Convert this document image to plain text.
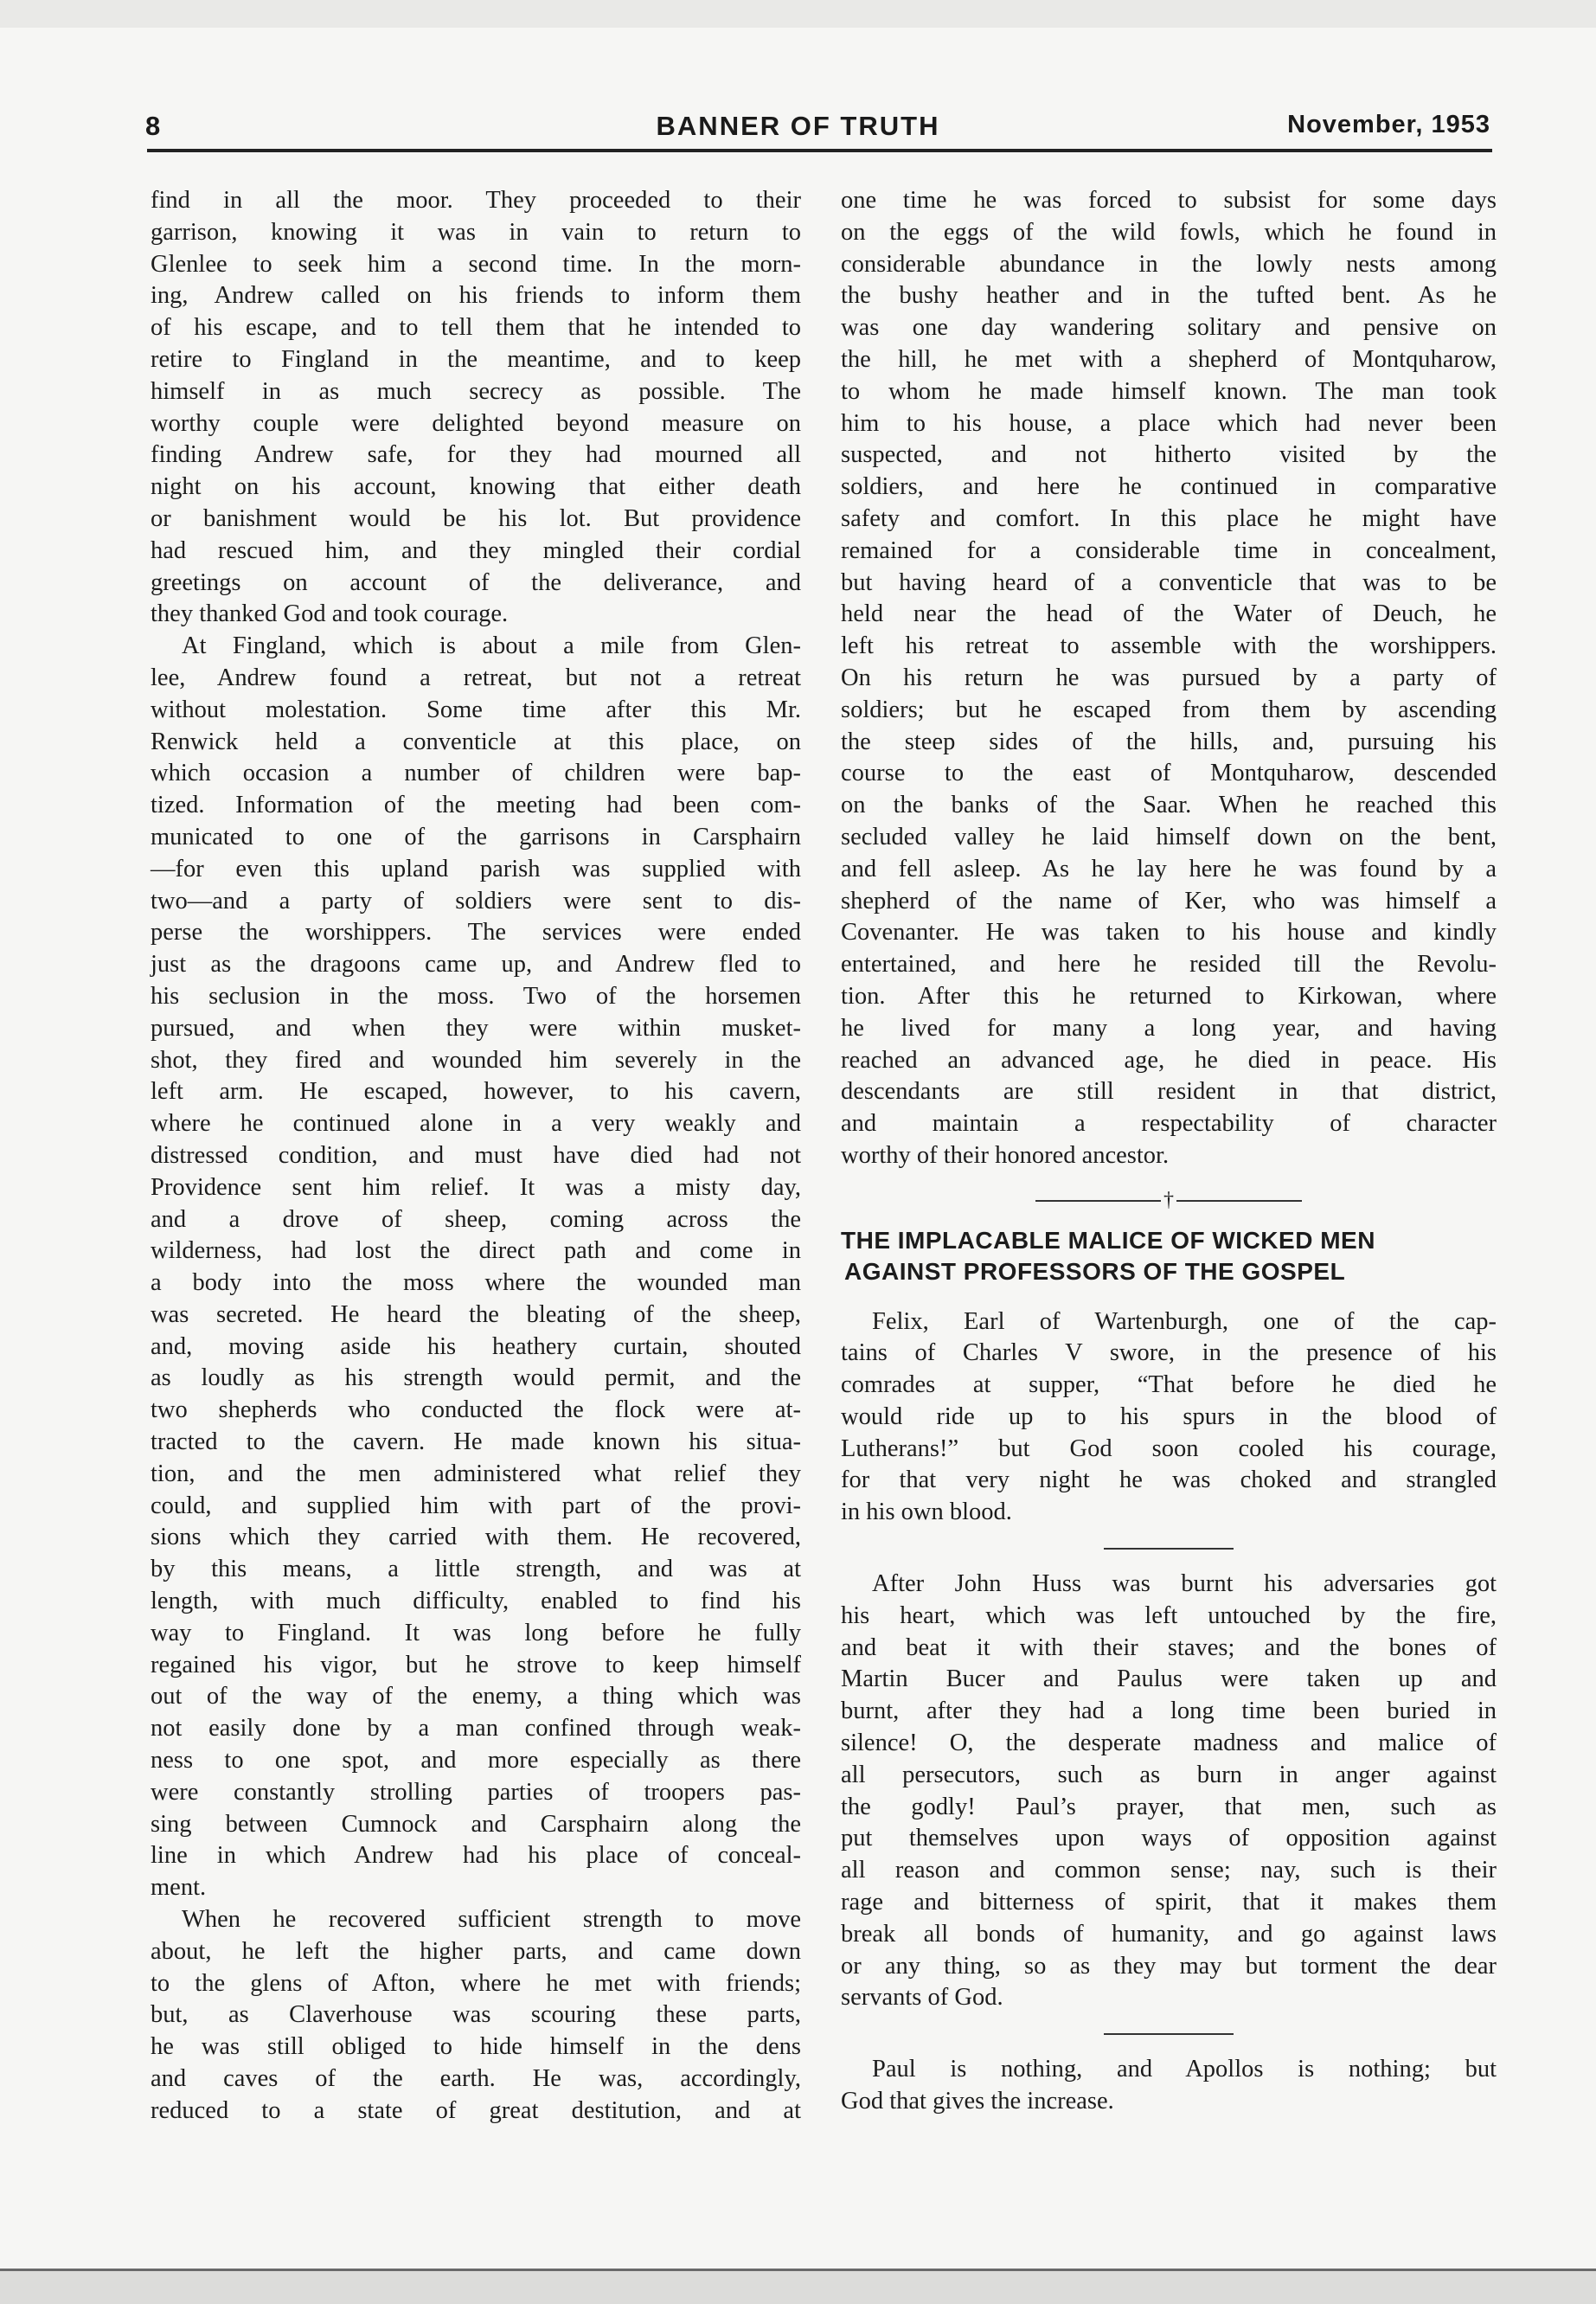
8	BANNER OF TRUTH	November, 1953
find in all the moor. They proceeded to their
garrison, knowing it was in vain to return to
Glenlee to seek him a second time. In the morn-
ing, Andrew called on his friends to inform them
of his escape, and to tell them that he intended to
retire to Fingland in the meantime, and to keep
himself in as much secrecy as possible. The
worthy couple were delighted beyond measure on
finding Andrew safe, for they had mourned all
night on his account, knowing that either death
or banishment would be his lot. But providence
had rescued him, and they mingled their cordial
greetings on account of the deliverance, and
they thanked God and took courage.
At Fingland, which is about a mile from Glen-
lee, Andrew found a retreat, but not a retreat
without molestation. Some time after this Mr.
Renwick held a conventicle at this place, on
which occasion a number of children were bap-
tized. Information of the meeting had been com-
municated to one of the garrisons in Carsphairn
—for even this upland parish was supplied with
two—and a party of soldiers were sent to dis-
perse the worshippers. The services were ended
just as the dragoons came up, and Andrew fled to
his seclusion in the moss. Two of the horsemen
pursued, and when they were within musket-
shot, they fired and wounded him severely in the
left arm. He escaped, however, to his cavern,
where he continued alone in a very weakly and
distressed condition, and must have died had not
Providence sent him relief. It was a misty day,
and a drove of sheep, coming across the
wilderness, had lost the direct path and come in
a body into the moss where the wounded man
was secreted. He heard the bleating of the sheep,
and, moving aside his heathery curtain, shouted
as loudly as his strength would permit, and the
two shepherds who conducted the flock were at-
tracted to the cavern. He made known his situa-
tion, and the men administered what relief they
could, and supplied him with part of the provi-
sions which they carried with them. He recovered,
by this means, a little strength, and was at
length, with much difficulty, enabled to find his
way to Fingland. It was long before he fully
regained his vigor, but he strove to keep himself
out of the way of the enemy, a thing which was
not easily done by a man confined through weak-
ness to one spot, and more especially as there
were constantly strolling parties of troopers pas-
sing between Cumnock and Carsphairn along the
line in which Andrew had his place of conceal-
ment.
When he recovered sufficient strength to move
about, he left the higher parts, and came down
to the glens of Afton, where he met with friends;
but, as Claverhouse was scouring these parts,
he was still obliged to hide himself in the dens
and caves of the earth. He was, accordingly,
reduced to a state of great destitution, and at
one time he was forced to subsist for some days
on the eggs of the wild fowls, which he found in
considerable abundance in the lowly nests among
the bushy heather and in the tufted bent. As he
was one day wandering solitary and pensive on
the hill, he met with a shepherd of Montquharow,
to whom he made himself known. The man took
him to his house, a place which had never been
suspected, and not hitherto visited by the
soldiers, and here he continued in comparative
safety and comfort. In this place he might have
remained for a considerable time in concealment,
but having heard of a conventicle that was to be
held near the head of the Water of Deuch, he
left his retreat to assemble with the worshippers.
On his return he was pursued by a party of
soldiers; but he escaped from them by ascending
the steep sides of the hills, and, pursuing his
course to the east of Montquharow, descended
on the banks of the Saar. When he reached this
secluded valley he laid himself down on the bent,
and fell asleep. As he lay here he was found by a
shepherd of the name of Ker, who was himself a
Covenanter. He was taken to his house and kindly
entertained, and here he resided till the Revolu-
tion. After this he returned to Kirkowan, where
he lived for many a long year, and having
reached an advanced age, he died in peace. His
descendants are still resident in that district,
and maintain a respectability of character
worthy of their honored ancestor.
†
THE IMPLACABLE MALICE OF WICKED MEN
AGAINST PROFESSORS OF THE GOSPEL
Felix, Earl of Wartenburgh, one of the cap-
tains of Charles V swore, in the presence of his
comrades at supper, “That before he died he
would ride up to his spurs in the blood of
Lutherans!” but God soon cooled his courage,
for that very night he was choked and strangled
in his own blood.
After John Huss was burnt his adversaries got
his heart, which was left untouched by the fire,
and beat it with their staves; and the bones of
Martin Bucer and Paulus were taken up and
burnt, after they had a long time been buried in
silence! O, the desperate madness and malice of
all persecutors, such as burn in anger against
the godly! Paul’s prayer, that men, such as
put themselves upon ways of opposition against
all reason and common sense; nay, such is their
rage and bitterness of spirit, that it makes them
break all bonds of humanity, and go against laws
or any thing, so as they may but torment the dear
servants of God.
Paul is nothing, and Apollos is nothing; but
God that gives the increase.
